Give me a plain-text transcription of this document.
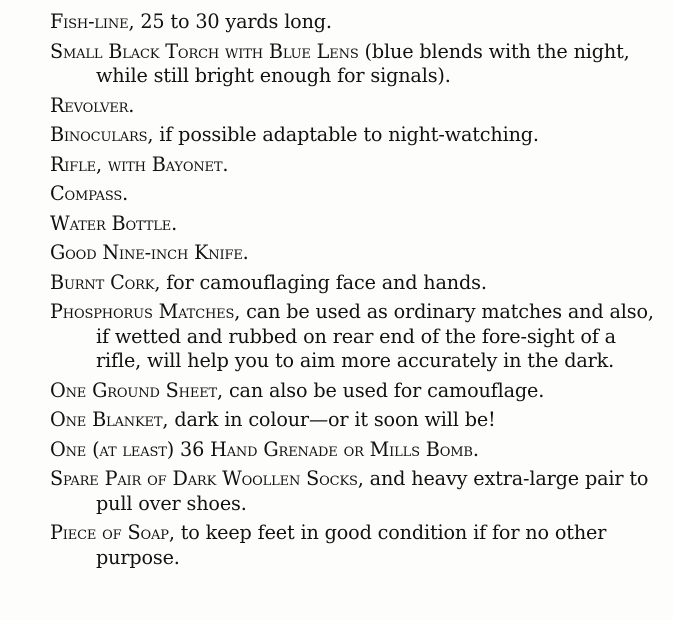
Fish-line, 25 to 30 yards long.
Small Black Torch with Blue Lens (blue blends with the night, while still bright enough for signals).
Revolver.
Binoculars, if possible adaptable to night-watching.
Rifle, with Bayonet.
Compass.
Water Bottle.
Good Nine-inch Knife.
Burnt Cork, for camouflaging face and hands.
Phosphorus Matches, can be used as ordinary matches and also, if wetted and rubbed on rear end of the fore-sight of a rifle, will help you to aim more accurately in the dark.
One Ground Sheet, can also be used for camouflage.
One Blanket, dark in colour—or it soon will be!
One (at least) 36 Hand Grenade or Mills Bomb.
Spare Pair of Dark Woollen Socks, and heavy extra-large pair to pull over shoes.
Piece of Soap, to keep feet in good condition if for no other purpose.
